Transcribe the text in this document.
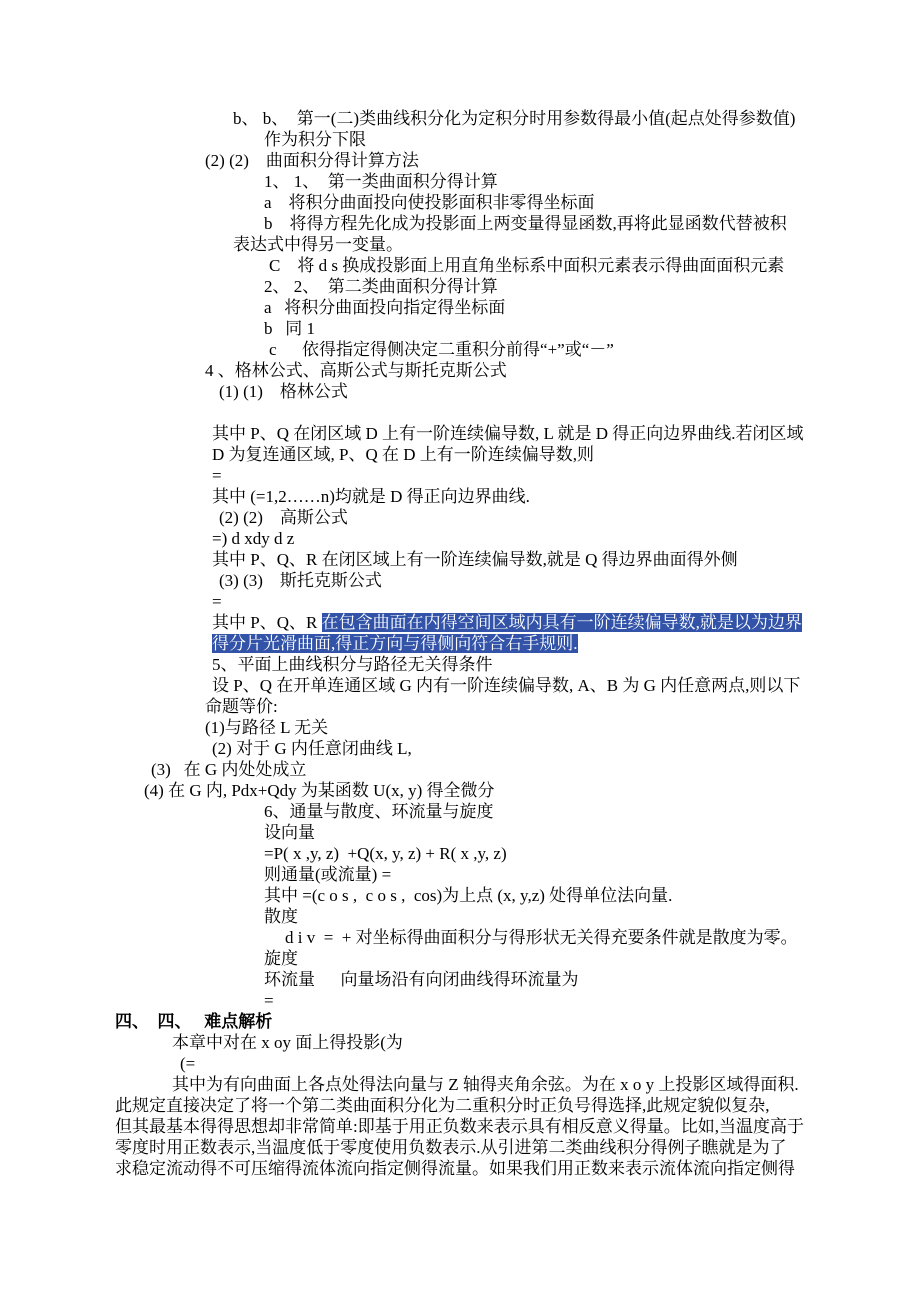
b、 b、  第一(二)类曲线积分化为定积分时用参数得最小值(起点处得参数值)
作为积分下限
(2) (2)    曲面积分得计算方法
1、 1、  第一类曲面积分得计算
a    将积分曲面投向使投影面积非零得坐标面
b    将得方程先化成为投影面上两变量得显函数,再将此显函数代替被积
表达式中得另一变量。
C    将 d s 换成投影面上用直角坐标系中面积元素表示得曲面面积元素
2、 2、  第二类曲面积分得计算
a   将积分曲面投向指定得坐标面
b   同 1
c      依得指定得侧决定二重积分前得“+”或“－”
4 、格林公式、高斯公式与斯托克斯公式
(1) (1)    格林公式

其中 P、Q 在闭区域 D 上有一阶连续偏导数, L 就是 D 得正向边界曲线.若闭区域
D 为复连通区域, P、Q 在 D 上有一阶连续偏导数,则
=
其中 (=1,2……n)均就是 D 得正向边界曲线.
(2) (2)    高斯公式
=) d xdy d z
其中 P、Q、R 在闭区域上有一阶连续偏导数,就是 Q 得边界曲面得外侧
(3) (3)    斯托克斯公式
=
其中 P、Q、R 在包含曲面在内得空间区域内具有一阶连续偏导数,就是以为边界
得分片光滑曲面,得正方向与得侧向符合右手规则.
5、平面上曲线积分与路径无关得条件
设 P、Q 在开单连通区域 G 内有一阶连续偏导数, A、B 为 G 内任意两点,则以下
命题等价:
(1)与路径 L 无关
(2) 对于 G 内任意闭曲线 L,
(3)   在 G 内处处成立
(4) 在 G 内, Pdx+Qdy 为某函数 U(x, y) 得全微分
6、通量与散度、环流量与旋度
设向量
=P( x ,y, z)  +Q(x, y, z) + R( x ,y, z)
则通量(或流量) =
其中 =(c o s ,  c o s ,  cos)为上点 (x, y,z) 处得单位法向量.
散度
d i v  =  + 对坐标得曲面积分与得形状无关得充要条件就是散度为零。
旋度
环流量      向量场沿有向闭曲线得环流量为
=
四、  四、   难点解析
本章中对在 x oy 面上得投影(为
(=
其中为有向曲面上各点处得法向量与 Z 轴得夹角余弦。为在 x o y 上投影区域得面积.
此规定直接决定了将一个第二类曲面积分化为二重积分时正负号得选择,此规定貌似复杂,
但其最基本得得思想却非常简单:即基于用正负数来表示具有相反意义得量。比如,当温度高于
零度时用正数表示,当温度低于零度使用负数表示.从引进第二类曲线积分得例子瞧就是为了
求稳定流动得不可压缩得流体流向指定侧得流量。如果我们用正数来表示流体流向指定侧得
